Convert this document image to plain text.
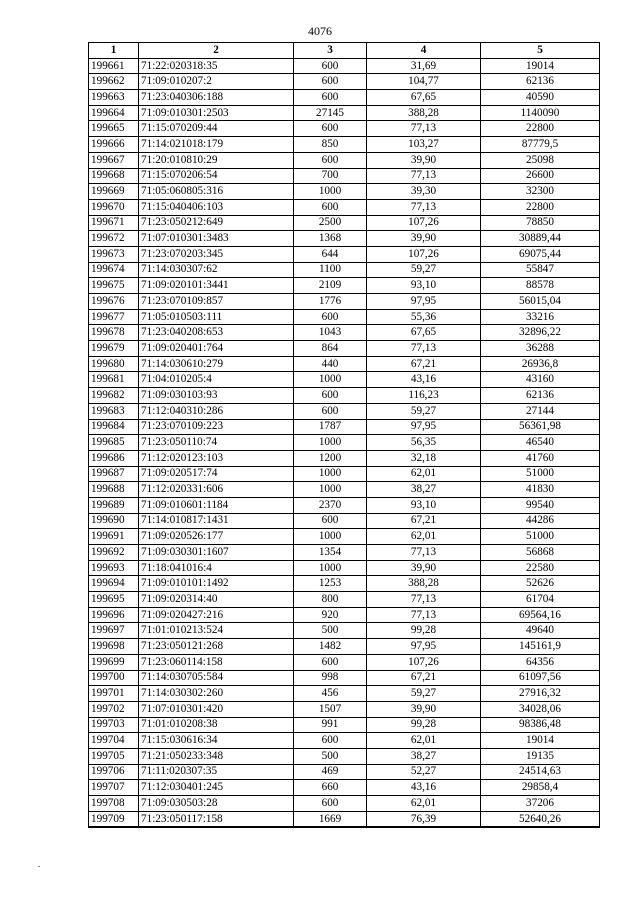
4076
1	2	3	4	5
199661	71:22:020318:35	600	31,69	19014
199662	71:09:010207:2	600	104,77	62136
199663	71:23:040306:188	600	67,65	40590
199664	71:09:010301:2503	27145	388,28	1140090
199665	71:15:070209:44	600	77,13	22800
199666	71:14:021018:179	850	103,27	87779,5
199667	71:20:010810:29	600	39,90	25098
199668	71:15:070206:54	700	77,13	26600
199669	71:05:060805:316	1000	39,30	32300
199670	71:15:040406:103	600	77,13	22800
199671	71:23:050212:649	2500	107,26	78850
199672	71:07:010301:3483	1368	39,90	30889,44
199673	71:23:070203:345	644	107,26	69075,44
199674	71:14:030307:62	1100	59,27	55847
199675	71:09:020101:3441	2109	93,10	88578
199676	71:23:070109:857	1776	97,95	56015,04
199677	71:05:010503:111	600	55,36	33216
199678	71:23:040208:653	1043	67,65	32896,22
199679	71:09:020401:764	864	77,13	36288
199680	71:14:030610:279	440	67,21	26936,8
199681	71:04:010205:4	1000	43,16	43160
199682	71:09:030103:93	600	116,23	62136
199683	71:12:040310:286	600	59,27	27144
199684	71:23:070109:223	1787	97,95	56361,98
199685	71:23:050110:74	1000	56,35	46540
199686	71:12:020123:103	1200	32,18	41760
199687	71:09:020517:74	1000	62,01	51000
199688	71:12:020331:606	1000	38,27	41830
199689	71:09:010601:1184	2370	93,10	99540
199690	71:14:010817:1431	600	67,21	44286
199691	71:09:020526:177	1000	62,01	51000
199692	71:09:030301:1607	1354	77,13	56868
199693	71:18:041016:4	1000	39,90	22580
199694	71:09:010101:1492	1253	388,28	52626
199695	71:09:020314:40	800	77,13	61704
199696	71:09:020427:216	920	77,13	69564,16
199697	71:01:010213:524	500	99,28	49640
199698	71:23:050121:268	1482	97,95	145161,9
199699	71:23:060114:158	600	107,26	64356
199700	71:14:030705:584	998	67,21	61097,56
199701	71:14:030302:260	456	59,27	27916,32
199702	71:07:010301:420	1507	39,90	34028,06
199703	71:01:010208:38	991	99,28	98386,48
199704	71:15:030616:34	600	62,01	19014
199705	71:21:050233:348	500	38,27	19135
199706	71:11:020307:35	469	52,27	24514,63
199707	71:12:030401:245	660	43,16	29858,4
199708	71:09:030503:28	600	62,01	37206
199709	71:23:050117:158	1669	76,39	52640,26
